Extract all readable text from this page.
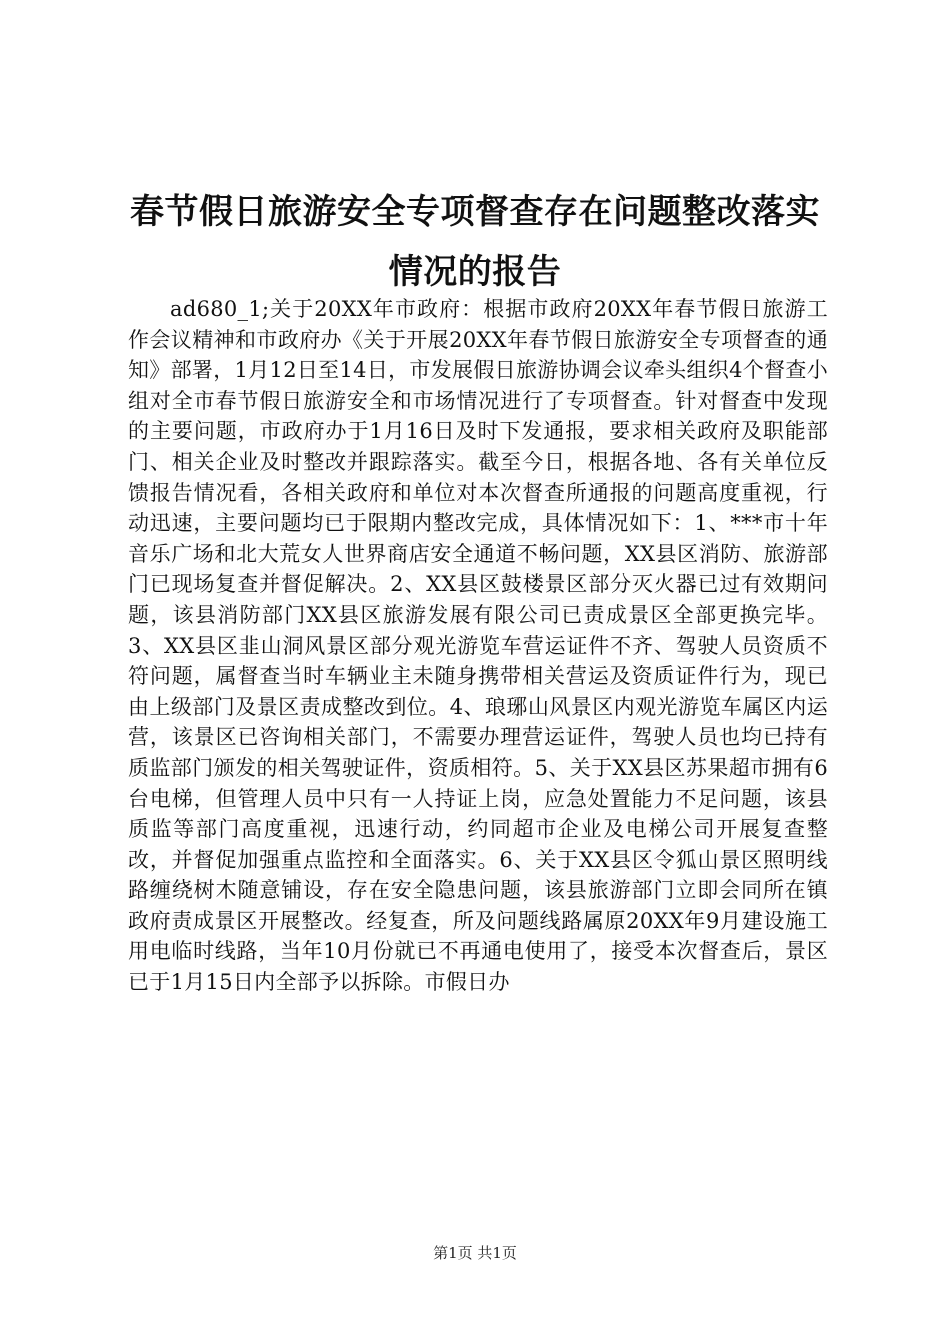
春节假日旅游安全专项督查存在问题整改落实
情况的报告

ad680_1;关于20XX年市政府：根据市政府20XX年春节假日旅游工作会议精神和市政府办《关于开展20XX年春节假日旅游安全专项督查的通知》部署，1月12日至14日，市发展假日旅游协调会议牵头组织4个督查小组对全市春节假日旅游安全和市场情况进行了专项督查。针对督查中发现的主要问题，市政府办于1月16日及时下发通报，要求相关政府及职能部门、相关企业及时整改并跟踪落实。截至今日，根据各地、各有关单位反馈报告情况看，各相关政府和单位对本次督查所通报的问题高度重视，行动迅速，主要问题均已于限期内整改完成，具体情况如下：1、***市十年音乐广场和北大荒女人世界商店安全通道不畅问题，XX县区消防、旅游部门已现场复查并督促解决。2、XX县区鼓楼景区部分灭火器已过有效期问题，该县消防部门XX县区旅游发展有限公司已责成景区全部更换完毕。3、XX县区韭山洞风景区部分观光游览车营运证件不齐、驾驶人员资质不符问题，属督查当时车辆业主未随身携带相关营运及资质证件行为，现已由上级部门及景区责成整改到位。4、琅琊山风景区内观光游览车属区内运营，该景区已咨询相关部门，不需要办理营运证件，驾驶人员也均已持有质监部门颁发的相关驾驶证件，资质相符。5、关于XX县区苏果超市拥有6台电梯，但管理人员中只有一人持证上岗，应急处置能力不足问题，该县质监等部门高度重视，迅速行动，约同超市企业及电梯公司开展复查整改，并督促加强重点监控和全面落实。6、关于XX县区令狐山景区照明线路缠绕树木随意铺设，存在安全隐患问题，该县旅游部门立即会同所在镇政府责成景区开展整改。经复查，所及问题线路属原20XX年9月建设施工用电临时线路，当年10月份就已不再通电使用了，接受本次督查后，景区已于1月15日内全部予以拆除。市假日办

第1页 共1页
